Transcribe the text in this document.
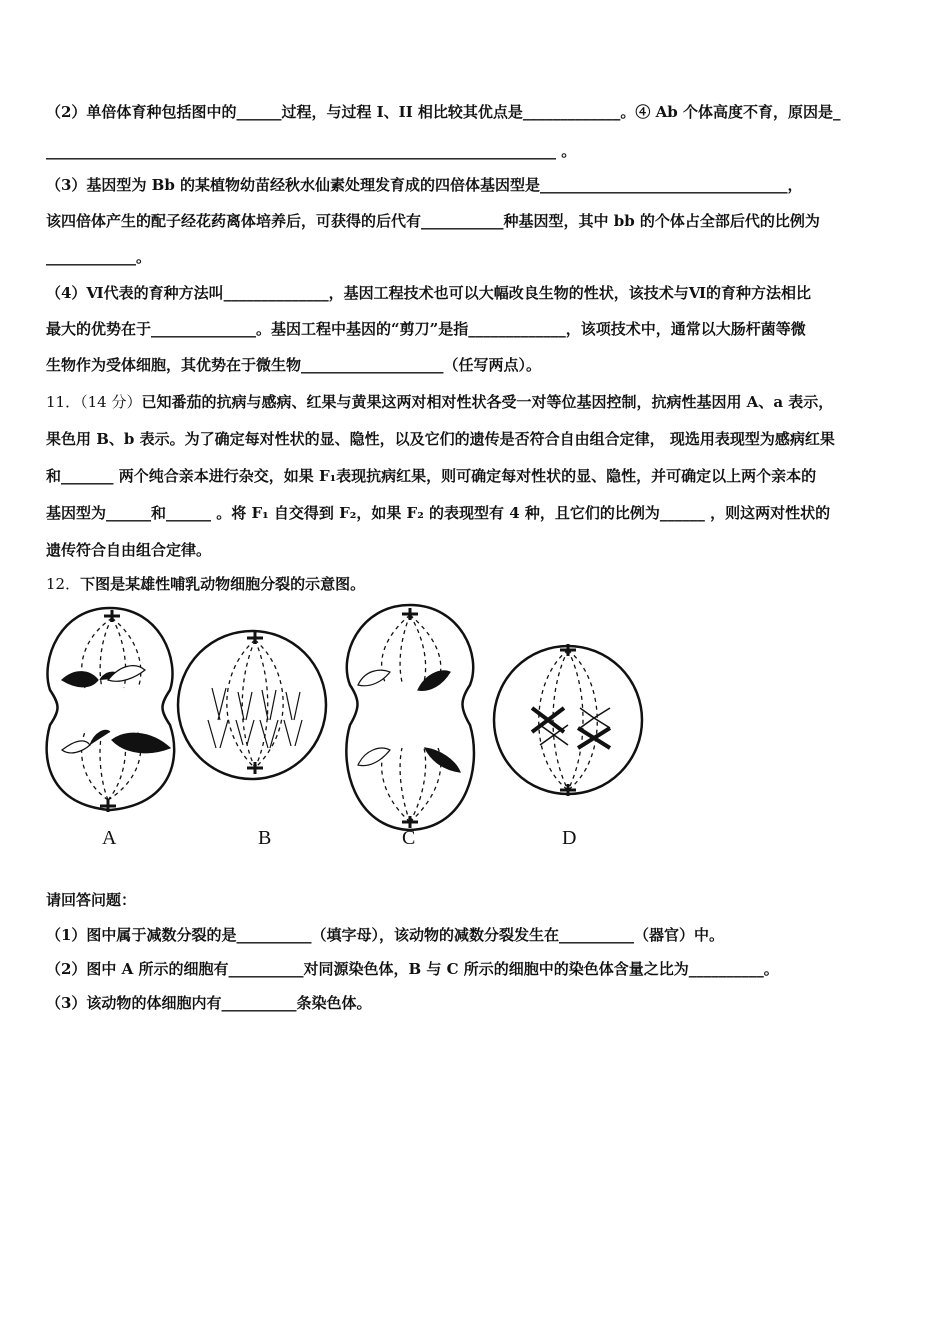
（2）单倍体育种包括图中的______过程，与过程 I、II 相比较其优点是_____________。④ Ab 个体高度不育，原因是_
____________________________________________________________________ 。
（3）基因型为 Bb 的某植物幼苗经秋水仙素处理发育成的四倍体基因型是_________________________________，
该四倍体产生的配子经花药离体培养后，可获得的后代有___________种基因型，其中 bb 的个体占全部后代的比例为
____________。
（4）Ⅵ代表的育种方法叫______________，基因工程技术也可以大幅改良生物的性状，该技术与Ⅵ的育种方法相比
最大的优势在于______________。基因工程中基因的“剪刀”是指_____________，该项技术中，通常以大肠杆菌等微
生物作为受体细胞，其优势在于微生物___________________（任写两点）。
11．（14 分）已知番茄的抗病与感病、红果与黄果这两对相对性状各受一对等位基因控制，抗病性基因用 A、a 表示，
果色用 B、b 表示。为了确定每对性状的显、隐性，以及它们的遗传是否符合自由组合定律， 现选用表现型为感病红果
和_______ 两个纯合亲本进行杂交，如果 F₁表现抗病红果，则可确定每对性状的显、隐性，并可确定以上两个亲本的
基因型为______和______ 。将 F₁ 自交得到 F₂，如果 F₂ 的表现型有 4 种，且它们的比例为______ ，则这两对性状的
遗传符合自由组合定律。
12．下图是某雄性哺乳动物细胞分裂的示意图。
A	B	C	D
请回答问题：
（1）图中属于减数分裂的是__________（填字母），该动物的减数分裂发生在__________（器官）中。
（2）图中 A 所示的细胞有__________对同源染色体，B 与 C 所示的细胞中的染色体含量之比为__________。
（3）该动物的体细胞内有__________条染色体。
